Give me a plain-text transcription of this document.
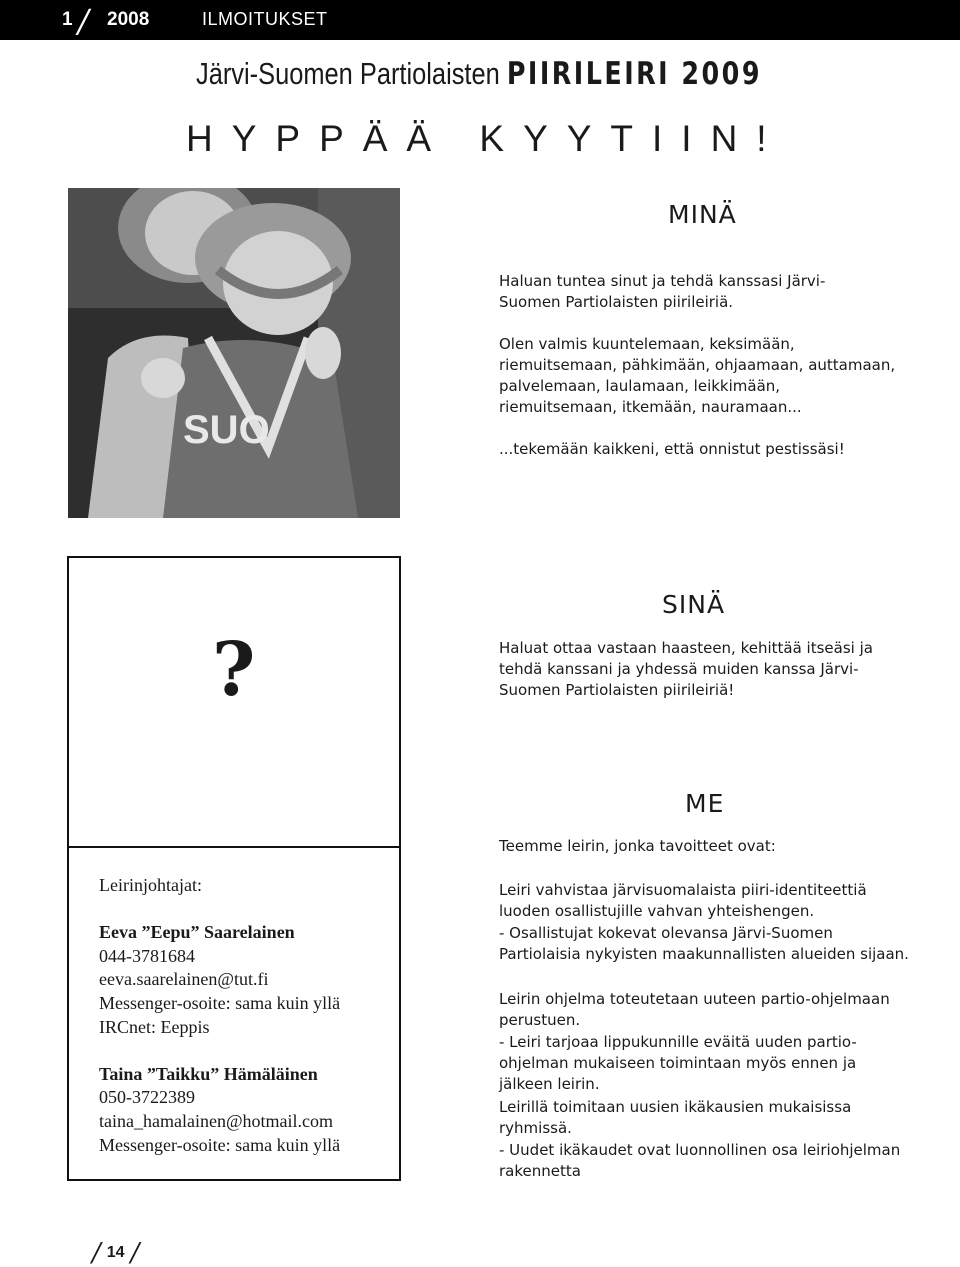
1 / 2008	ILMOITUKSET
Järvi-Suomen Partiolaisten PIIRILEIRI 2009
HYPPÄÄ KYYTIIN!
SUO
MINÄ
Haluan tuntea sinut ja tehdä kanssasi Järvi-Suomen Partiolaisten piirileiriä.
Olen valmis kuuntelemaan, keksimään, riemuitsemaan, pähkimään, ohjaamaan, auttamaan, palvelemaan, laulamaan, leikkimään, riemuitsemaan, itkemään, nauramaan...
...tekemään kaikkeni, että onnistut pestissäsi!
?
SINÄ
Haluat ottaa vastaan haasteen, kehittää itseäsi ja tehdä kanssani ja yhdessä muiden kanssa Järvi-Suomen Partiolaisten piirileiriä!
ME
Teemme leirin, jonka tavoitteet ovat:
Leiri vahvistaa järvisuomalaista piiri-identiteettiä luoden osallistujille vahvan yhteishengen.
- Osallistujat kokevat olevansa Järvi-Suomen Partiolaisia nykyisten maakunnallisten alueiden sijaan.
Leirin ohjelma toteutetaan uuteen partio-ohjelmaan perustuen.
- Leiri tarjoaa lippukunnille eväitä uuden partio-ohjelman mukaiseen toimintaan myös ennen ja jälkeen leirin.
Leirillä toimitaan uusien ikäkausien mukaisissa ryhmissä.
- Uudet ikäkaudet ovat luonnollinen osa leiriohjelman rakennetta
Leirinjohtajat:
Eeva ”Eepu” Saarelainen
044-3781684
eeva.saarelainen@tut.fi
Messenger-osoite: sama kuin yllä
IRCnet: Eeppis
Taina ”Taikku” Hämäläinen
050-3722389
taina_hamalainen@hotmail.com
Messenger-osoite: sama kuin yllä
/ 14 /
